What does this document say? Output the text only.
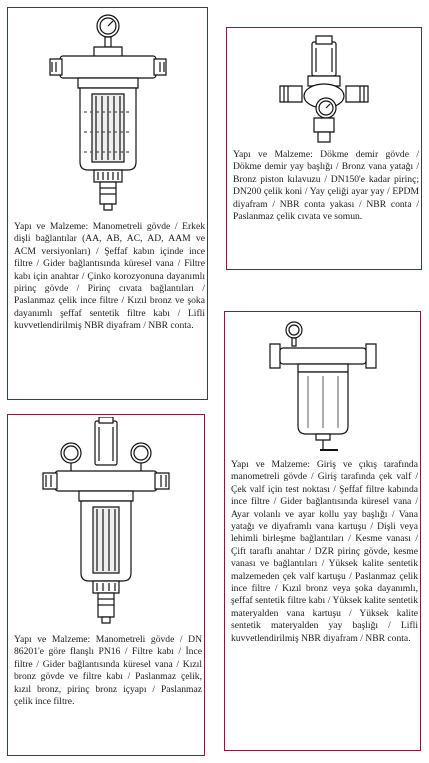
Yapı ve Malzeme: Manometreli gövde / Erkek dişli bağlantılar (AA, AB, AC, AD, AAM ve ACM versiyonları) / Şeffaf kabın içinde ince filtre / Gider bağlantısında küresel vana / Filtre kabı için anahtar / Çinko korozyonuna dayanımlı pirinç gövde / Pirinç cıvata bağlantıları / Paslanmaz çelik ince filtre / Kızıl bronz ve şoka dayanımlı şeffaf sentetik filtre kabı / Lifli kuvvetlendirilmiş NBR diyafram / NBR conta.
Yapı ve Malzeme: Dökme demir gövde / Dökme demir yay başlığı / Bronz vana yatağı / Bronz piston kılavuzu / DN150'e kadar pirinç; DN200 çelik koni / Yay çeliği ayar yay / EPDM diyafram / NBR conta yakası / NBR conta / Paslanmaz çelik cıvata ve somun.
Yapı ve Malzeme: Giriş ve çıkış tarafında manometreli gövde / Giriş tarafında çek valf / Çek valf için test noktası / Şeffaf filtre kabında ince filtre / Gider bağlantısında küresel vana / Ayar volanlı ve ayar kollu yay başlığı / Vana yatağı ve diyaframlı vana kartuşu / Dişli veya lehimli birleşme bağlantıları / Kesme vanası / Çift taraflı anahtar / DZR pirinç gövde, kesme vanası ve bağlantıları / Yüksek kalite sentetik malzemeden çek valf kartuşu / Paslanmaz çelik ince filtre / Kızıl bronz veya şoka dayanımlı, şeffaf sentetik filtre kabı / Yüksek kalite sentetik materyalden vana kartuşu / Yüksek kalite sentetik materyalden yay başlığı / Lifli kuvvetlendirilmiş NBR diyafram / NBR conta.
Yapı ve Malzeme: Manometreli gövde / DN 86201'e göre flanşlı PN16 / Filtre kabı / İnce filtre / Gider bağlantısında küresel vana / Kızıl bronz gövde ve filtre kabı / Paslanmaz çelik, kızıl bronz, pirinç bronz içyapı / Paslanmaz çelik ince filtre.
